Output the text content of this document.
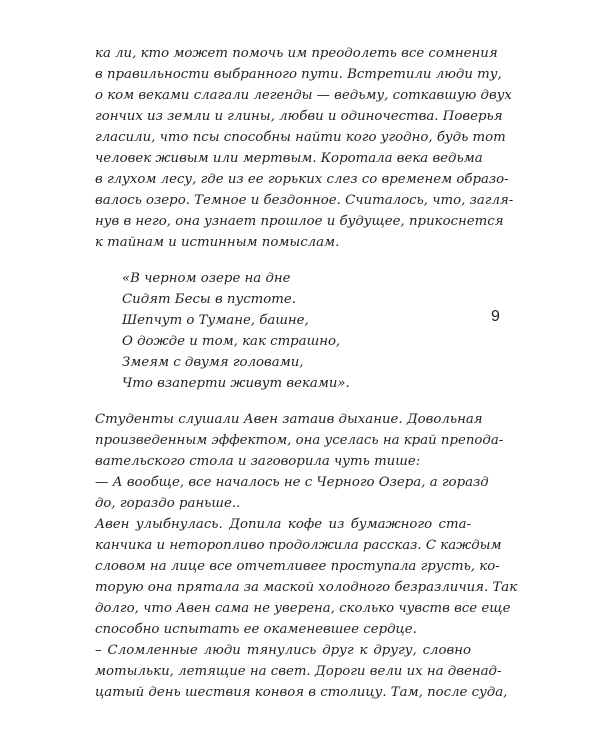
ка ли, кто может помочь им преодолеть все сомнения
в правильности выбранного пути. Встретили люди ту,
о ком веками слагали легенды — ведьму, соткавшую двух
гончих из земли и глины, любви и одиночества. Поверья
гласили, что псы способны найти кого угодно, будь тот
человек живым или мертвым. Коротала века ведьма
в глухом лесу, где из ее горьких слез со временем образо-
валось озеро. Темное и бездонное. Считалось, что, загля-
нув в него, она узнает прошлое и будущее, прикоснется
к тайнам и истинным помыслам.
«В черном озере на дне
Сидят Бесы в пустоте.
Шепчут о Тумане, башне,
О дожде и том, как страшно,
Змеям с двумя головами,
Что взаперти живут веками».
9
Студенты слушали Авен затаив дыхание. Довольная
произведенным эффектом, она уселась на край препода-
вательского стола и заговорила чуть тише:
— А вообще, все началось не с Черного Озера, а горазд
до, гораздо раньше..
Авен улыбнулась. Допила кофе из бумажного ста-
канчика и неторопливо продолжила рассказ. С каждым
словом на лице все отчетливее проступала грусть, ко-
торую она прятала за маской холодного безразличия. Так
долго, что Авен сама не уверена, сколько чувств все еще
способно испытать ее окаменевшее сердце.
– Сломленные люди тянулись друг к другу, словно
мотыльки, летящие на свет. Дороги вели их на двенад-
цатый день шествия конвоя в столицу. Там, после суда,
